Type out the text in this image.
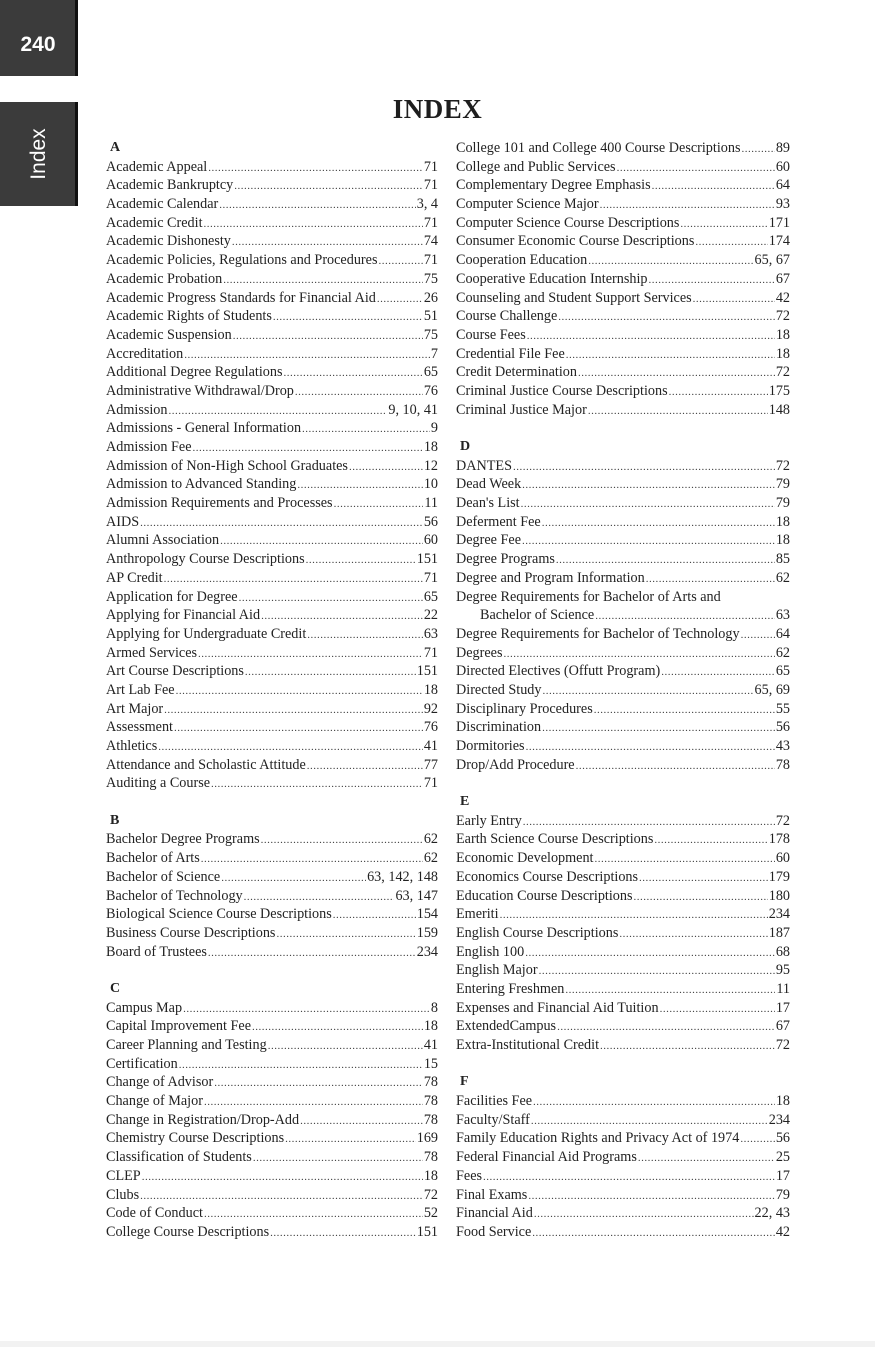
240
Index
INDEX
A
Academic Appeal .....	71
Academic Bankruptcy .....	71
Academic Calendar .....	3, 4
Academic Credit .....	71
Academic Dishonesty .....	74
Academic Policies, Regulations and Procedures .....	71
Academic Probation .....	75
Academic Progress Standards for Financial Aid .....	26
Academic Rights of Students .....	51
Academic Suspension .....	75
Accreditation .....	7
Additional Degree Regulations .....	65
Administrative Withdrawal/Drop .....	76
Admission .....	9, 10, 41
Admissions - General Information .....	9
Admission Fee .....	18
Admission of Non-High School Graduates .....	12
Admission to Advanced Standing .....	10
Admission Requirements and Processes .....	11
AIDS .....	56
Alumni Association .....	60
Anthropology Course Descriptions .....	151
AP Credit .....	71
Application for Degree .....	65
Applying for Financial Aid .....	22
Applying for Undergraduate Credit .....	63
Armed Services .....	71
Art Course Descriptions .....	151
Art Lab Fee .....	18
Art Major .....	92
Assessment .....	76
Athletics .....	41
Attendance and Scholastic Attitude .....	77
Auditing a Course .....	71
B
Bachelor Degree Programs .....	62
Bachelor of Arts .....	62
Bachelor of Science .....	63, 142, 148
Bachelor of Technology .....	63, 147
Biological Science Course Descriptions .....	154
Business Course Descriptions .....	159
Board of Trustees .....	234
C
Campus Map .....	8
Capital Improvement Fee .....	18
Career Planning and Testing .....	41
Certification .....	15
Change of Advisor .....	78
Change of Major .....	78
Change in Registration/Drop-Add .....	78
Chemistry Course Descriptions .....	169
Classification of Students .....	78
CLEP .....	18
Clubs .....	72
Code of Conduct .....	52
College Course Descriptions .....	151
College 101 and College 400 Course Descriptions ..... 89
College and Public Services .....	60
Complementary Degree Emphasis .....	64
Computer Science Major .....	93
Computer Science Course Descriptions .....	171
Consumer Economic Course Descriptions .....	174
Cooperation Education .....	65, 67
Cooperative Education Internship .....	67
Counseling and Student Support Services .....	42
Course Challenge .....	72
Course Fees .....	18
Credential File Fee .....	18
Credit Determination .....	72
Criminal Justice Course Descriptions .....	175
Criminal Justice Major .....	148
D
DANTES .....	72
Dead Week .....	79
Dean's List .....	79
Deferment Fee .....	18
Degree Fee .....	18
Degree Programs .....	85
Degree and Program Information .....	62
Degree Requirements for Bachelor of Arts and
Bachelor of Science .....	63
Degree Requirements for Bachelor of Technology .....	64
Degrees .....	62
Directed Electives (Offutt Program) .....	65
Directed Study .....	65, 69
Disciplinary Procedures .....	55
Discrimination .....	56
Dormitories .....	43
Drop/Add Procedure .....	78
E
Early Entry .....	72
Earth Science Course Descriptions .....	178
Economic Development .....	60
Economics Course Descriptions .....	179
Education Course Descriptions .....	180
Emeriti .....	234
English Course Descriptions .....	187
English 100 .....	68
English Major .....	95
Entering Freshmen .....	11
Expenses and Financial Aid Tuition .....	17
ExtendedCampus .....	67
Extra-Institutional Credit .....	72
F
Facilities Fee .....	18
Faculty/Staff .....	234
Family Education Rights and Privacy Act of 1974 .....	56
Federal Financial Aid Programs .....	25
Fees .....	17
Final Exams .....	79
Financial Aid .....	22, 43
Food Service .....	42
